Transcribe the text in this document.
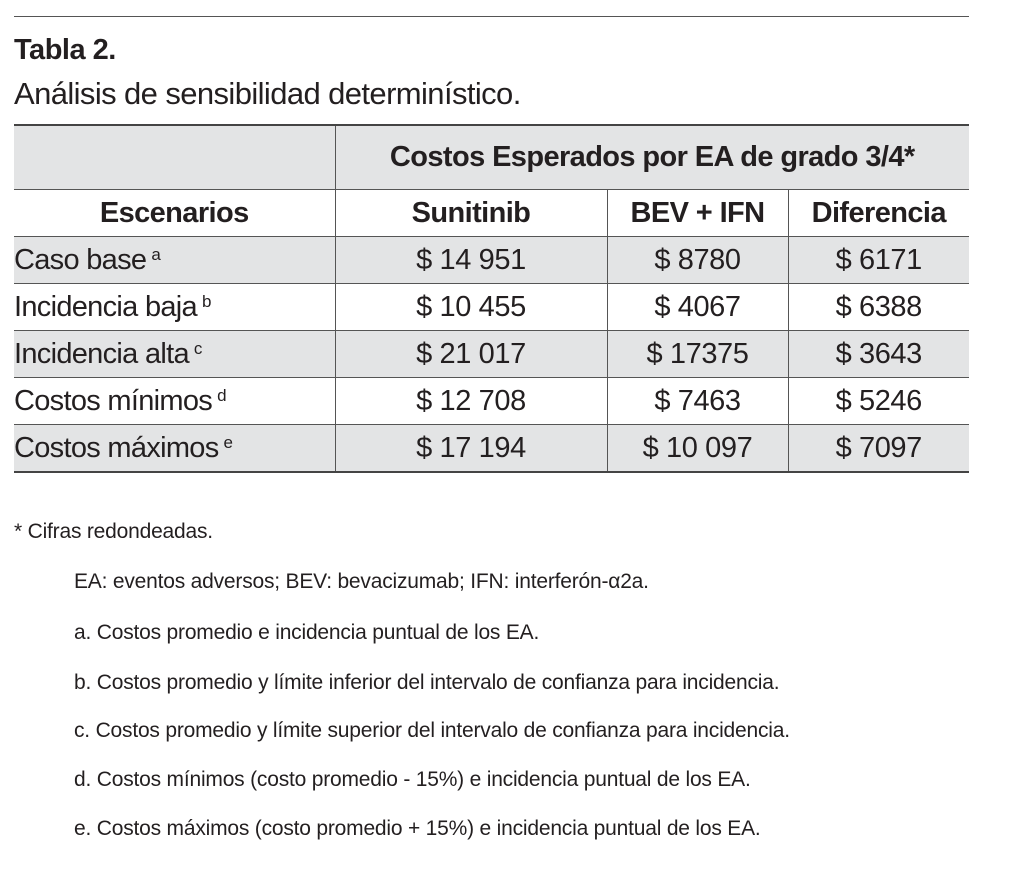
Tabla 2.
Análisis de sensibilidad determinístico.
	Costos Esperados por EA de grado 3/4*		
Escenarios	Sunitinib	BEV + IFN	Diferencia
Caso base $^a$	$ 14 951	$ 8780	$ 6171
Incidencia baja $^b$	$ 10 455	$ 4067	$ 6388
Incidencia alta $^c$	$ 21 017	$ 17375	$ 3643
Costos mínimos $^d$	$ 12 708	$ 7463	$ 5246
Costos máximos $^e$	$ 17 194	$ 10 097	$ 7097
* Cifras redondeadas.
EA: eventos adversos; BEV: bevacizumab; IFN: interferón-α2a.
a. Costos promedio e incidencia puntual de los EA.
b. Costos promedio y límite inferior del intervalo de confianza para incidencia.
c. Costos promedio y límite superior del intervalo de confianza para incidencia.
d. Costos mínimos (costo promedio - 15%) e incidencia puntual de los EA.
e. Costos máximos (costo promedio + 15%) e incidencia puntual de los EA.
